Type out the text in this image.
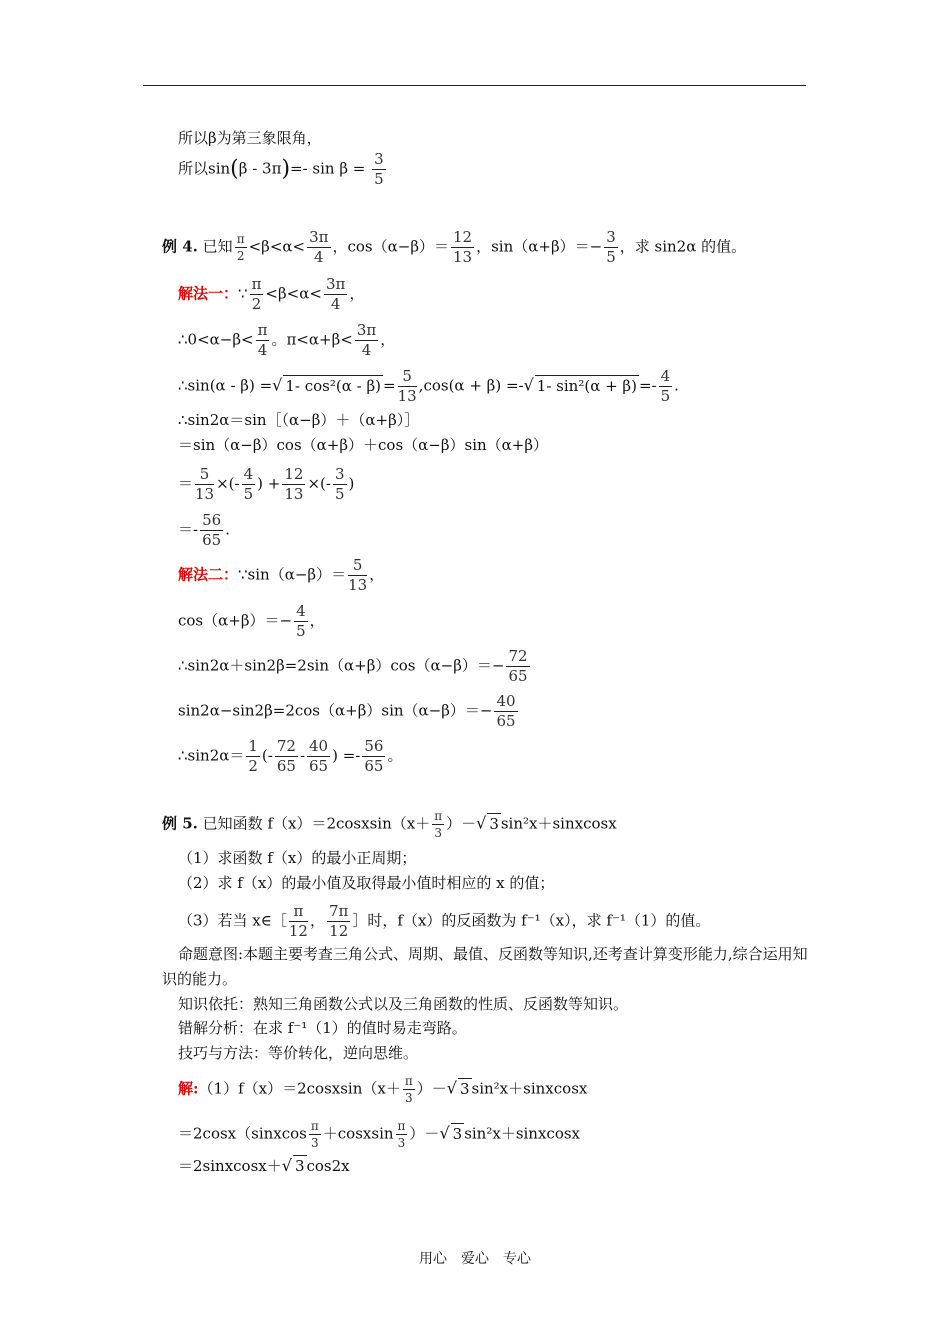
所以β为第三象限角，
所以sin(β - 3π)=- $\sin \beta = \frac{3}{5}$
例 4. 已知 $\frac{\pi}{2} <\beta<\alpha< \frac{3\pi}{4}$ ，$\cos(\alpha-\beta)= \frac{12}{13}$ ，$\sin(\alpha+\beta)=- \frac{3}{5}$ ，求 sin2α 的值。
解法一：∵ $\frac{\pi}{2} <\beta<\alpha< \frac{3\pi}{4}$ ，
∴0<α−β< $\frac{\pi}{4}$ 。$\pi<\alpha+\beta< \frac{3\pi}{4}$ ，
∴sin(α - β) =√ 1- $\cos^2(\alpha - \beta) = \frac{5}{13} ,\cos(\alpha + \beta)$ =-√ 1- $\sin^2(\alpha + \beta) =- \frac{4}{5}$ .
∴sin2α＝sin［（α−β）＋（α+β）］
＝sin（α−β）cos（α+β）＋cos（α−β）sin（α+β）
＝ $\frac{5}{13}$ ×(- $\frac{4}{5}$ ) + $\frac{12}{13}$ ×(- $\frac{3}{5}$ )
＝- $\frac{56}{65}$ .
解法二：∵sin（α−β）＝ $\frac{5}{13}$ ，
$\cos(\alpha+\beta)=- \frac{4}{5}$ ，
∴sin2α＋sin2β=2sin（α+β）cos（α−β）＝− $\frac{72}{65}$
$\sin 2\alpha-\sin 2\beta=2\cos(\alpha+\beta)\sin(\alpha-\beta)=- \frac{40}{65}$
∴sin2α＝ $\frac{1}{2}$ (- $\frac{72}{65} - \frac{40}{65}$ ) =- $\frac{56}{65}$ 。
例 5. 已知函数 f（x）＝2cosxsin（x＋ $\frac{\pi}{3}$ ）－√ 3 sin²x＋sinxcosx
（1）求函数 f（x）的最小正周期；
（2）求 f（x）的最小值及取得最小值时相应的 x 的值；
（3）若当 x∈［ $\frac{\pi}{12}$ ， $\frac{7\pi}{12}$ ］时，f（x）的反函数为 f⁻¹（x），求 f⁻¹（1）的值。
命题意图:本题主要考查三角公式、周期、最值、反函数等知识,还考查计算变形能力,综合运用知识的能力。
知识依托：熟知三角函数公式以及三角函数的性质、反函数等知识。
错解分析：在求 f⁻¹（1）的值时易走弯路。
技巧与方法：等价转化，逆向思维。
解:（1）f（x）＝2cosxsin（x＋ $\frac{\pi}{3}$ ）－√ 3 sin²x＋sinxcosx
＝2cosx（sinxcos $\frac{\pi}{3}$ ＋cosxsin $\frac{\pi}{3}$ ）－√ 3 sin²x＋sinxcosx
＝2sinxcosx＋√ 3 cos2x
用心　爱心　专心
